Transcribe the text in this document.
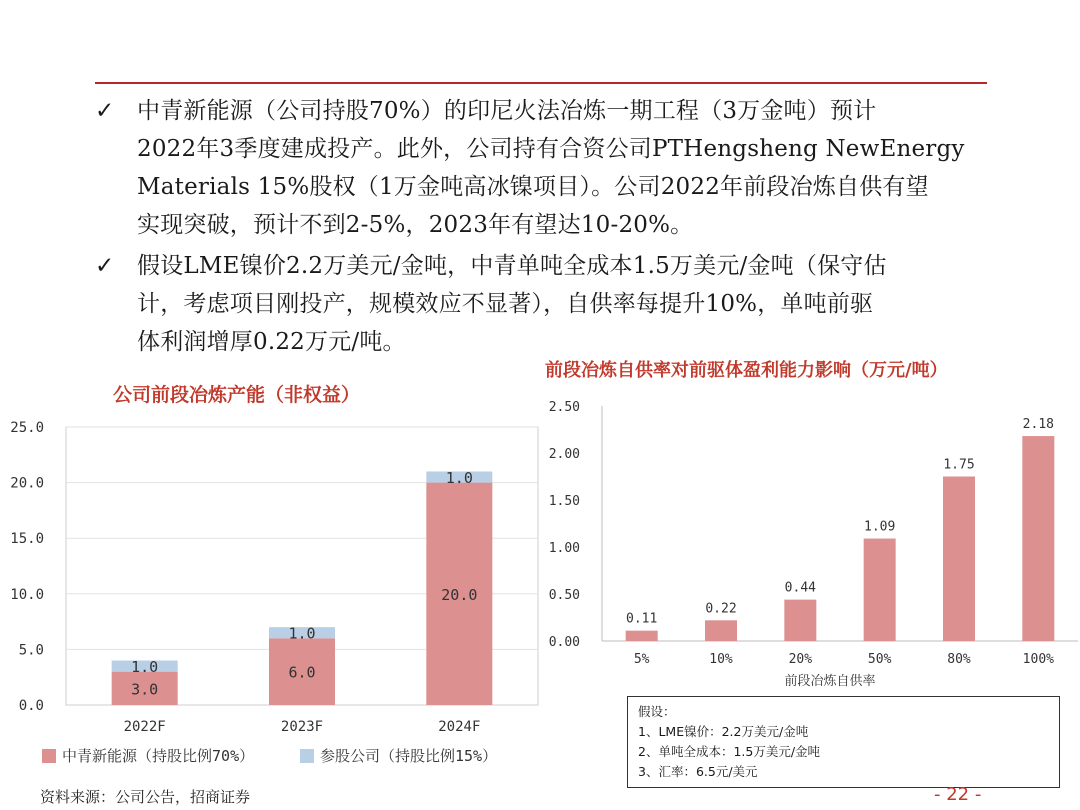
✓ 中青新能源（公司持股70%）的印尼火法冶炼一期工程（3万金吨）预计
2022年3季度建成投产。此外，公司持有合资公司PTHengsheng NewEnergy
Materials 15%股权（1万金吨高冰镍项目）。公司2022年前段冶炼自供有望
实现突破，预计不到2-5%，2023年有望达10-20%。
✓ 假设LME镍价2.2万美元/金吨，中青单吨全成本1.5万美元/金吨（保守估
计，考虑项目刚投产，规模效应不显著），自供率每提升10%，单吨前驱
体利润增厚0.22万元/吨。
公司前段冶炼产能（非权益）
前段冶炼自供率对前驱体盈利能力影响（万元/吨）
0.0
5.0
10.0
15.0
20.0
25.0
3.0
1.0
2022F
6.0
1.0
2023F
20.0
1.0
2024F
中青新能源（持股比例70%）	参股公司（持股比例15%）
0.00
0.50
1.00
1.50
2.00
2.50
0.11
5%
0.22
10%
0.44
20%
1.09
50%
1.75
80%
2.18
100%
前段冶炼自供率
假设：
1、LME镍价：2.2万美元/金吨
2、单吨全成本：1.5万美元/金吨
3、汇率：6.5元/美元
资料来源：公司公告，招商证券	- 22 -
